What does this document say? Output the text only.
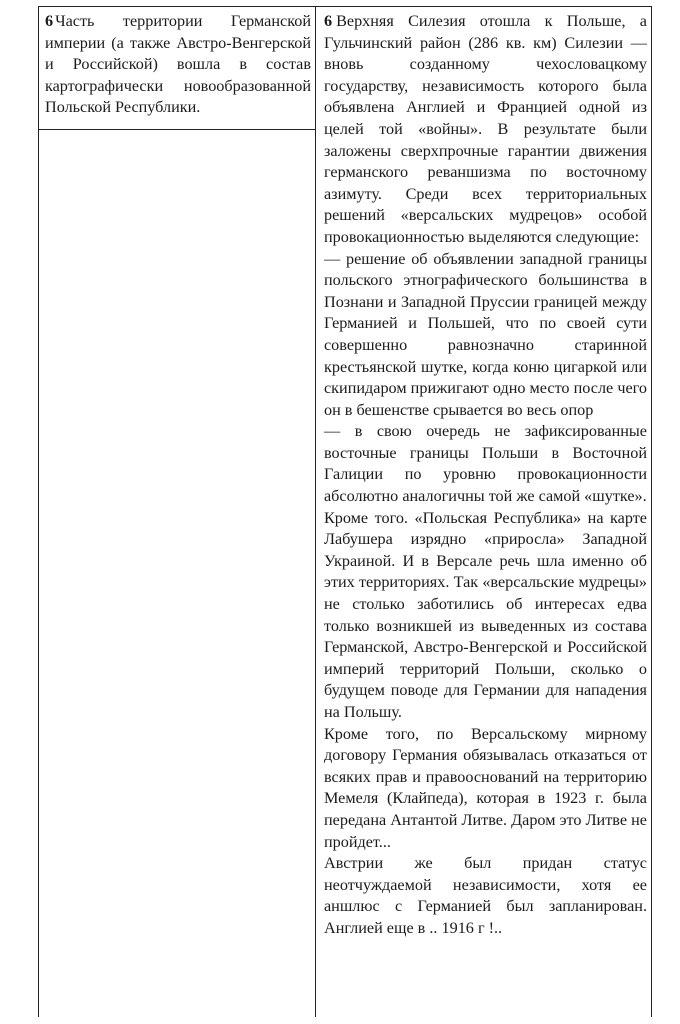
6 Часть территории Германской империи (а также Австро-Венгерской и Российской) вошла в состав картографически новообразованной Польской Республики.

6 Верхняя Силезия отошла к Польше, а Гульчинский район (286 кв. км) Силезии — вновь созданному чехословацкому государству, независимость которого была объявлена Англией и Францией одной из целей той «войны». В результате были заложены сверхпрочные гарантии движения германского реваншизма по восточному азимуту. Среди всех территориальных решений «версальских мудрецов» особой провокационностью выделяются следующие:

— решение об объявлении западной границы польского этнографического большинства в Познани и Западной Пруссии границей между Германией и Польшей, что по своей сути совершенно равнозначно старинной крестьянской шутке, когда коню цигаркой или скипидаром прижигают одно место после чего он в бешенстве срывается во весь опор

— в свою очередь не зафиксированные восточные границы Польши в Восточной Галиции по уровню провокационности абсолютно аналогичны той же самой «шутке».

Кроме того. «Польская Республика» на карте Лабушера изрядно «приросла» Западной Украиной. И в Версале речь шла именно об этих территориях. Так «версальские мудрецы» не столько заботились об интересах едва только возникшей из выведенных из состава Германской, Австро-Венгерской и Российской империй территорий Польши, сколько о будущем поводе для Германии для нападения на Польшу.

Кроме того, по Версальскому мирному договору Германия обязывалась отказаться от всяких прав и правооснований на территорию Мемеля (Клайпеда), которая в 1923 г. была передана Антантой Литве. Даром это Литве не пройдет...

Австрии же был придан статус неотчуждаемой независимости, хотя ее аншлюс с Германией был запланирован. Англией еще в .. 1916 г !..
